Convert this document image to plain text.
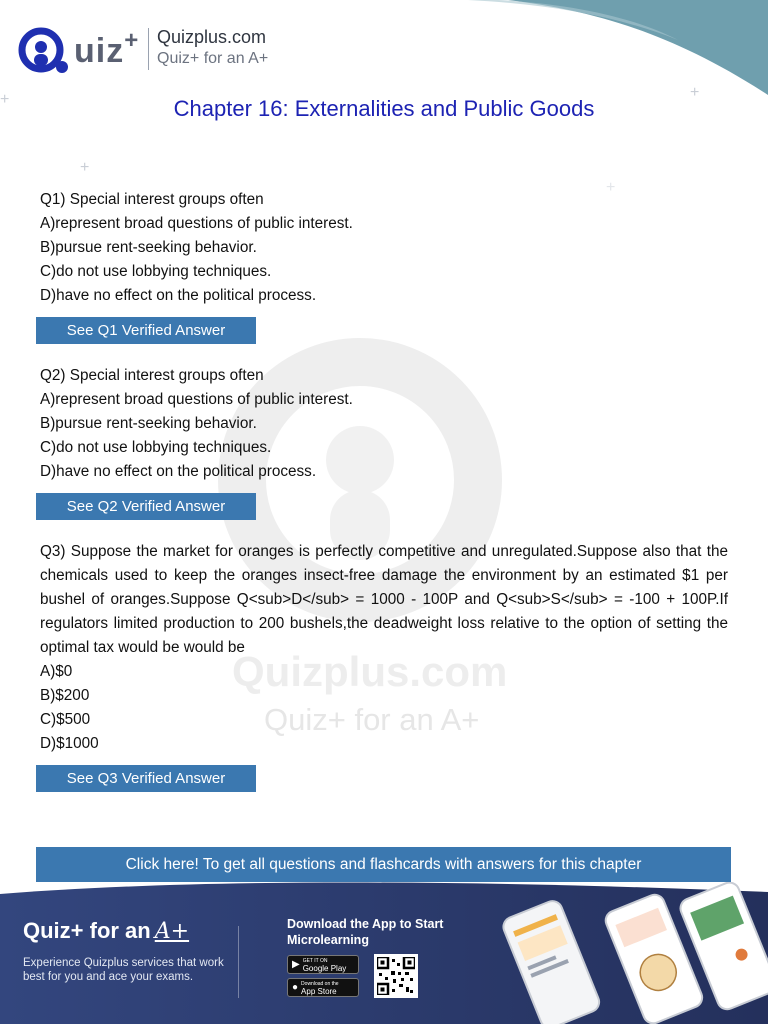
+	+
+
+
Quizplus.com
Quiz+ for an A+
uiz + Quizplus.com
Quiz+ for an A+
Chapter 16: Externalities and Public Goods
Q1) Special interest groups often
A)represent broad questions of public interest.
B)pursue rent-seeking behavior.
C)do not use lobbying techniques.
D)have no effect on the political process.
See Q1 Verified Answer
Q2) Special interest groups often
A)represent broad questions of public interest.
B)pursue rent-seeking behavior.
C)do not use lobbying techniques.
D)have no effect on the political process.
See Q2 Verified Answer
Q3) Suppose the market for oranges is perfectly competitive and unregulated.Suppose also that the chemicals used to keep the oranges insect-free damage the environment by an estimated $1 per bushel of oranges.Suppose Q<sub>D</sub> = 1000 - 100P and Q<sub>S</sub> = -100 + 100P.If regulators limited production to 200 bushels,the deadweight loss relative to the option of setting the optimal tax would be would be
A)$0
B)$200
C)$500
D)$1000
See Q3 Verified Answer
Click here! To get all questions and flashcards with answers for this chapter
Quiz+ for an A+
Experience Quizplus services that work best for you and ace your exams.
Download the App to Start Microlearning
▶ GET IT ON
Google Play
● Download on the
App Store
